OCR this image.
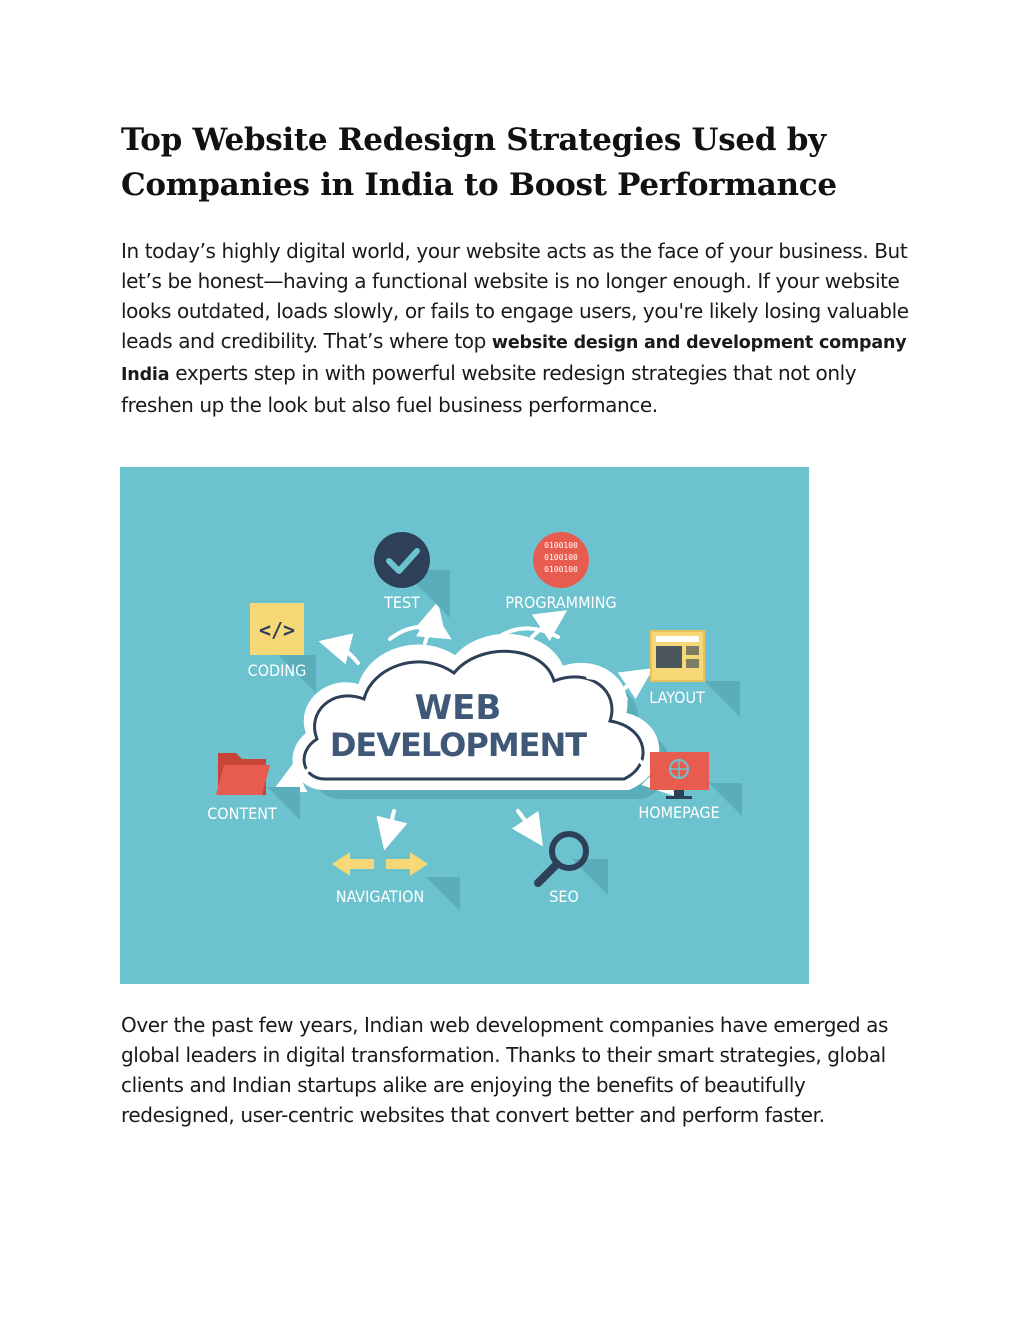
Top Website Redesign Strategies Used by Companies in India to Boost Performance

In today’s highly digital world, your website acts as the face of your business. But let’s be honest—having a functional website is no longer enough. If your website looks outdated, loads slowly, or fails to engage users, you're likely losing valuable leads and credibility. That’s where top website design and development company India experts step in with powerful website redesign strategies that not only freshen up the look but also fuel business performance.

WEB
DEVELOPMENT
TEST
0100100
0100100
0100100
PROGRAMMING
</>
CODING
LAYOUT
CONTENT	HOMEPAGE
NAVIGATION	SEO

Over the past few years, Indian web development companies have emerged as global leaders in digital transformation. Thanks to their smart strategies, global clients and Indian startups alike are enjoying the benefits of beautifully redesigned, user-centric websites that convert better and perform faster.
